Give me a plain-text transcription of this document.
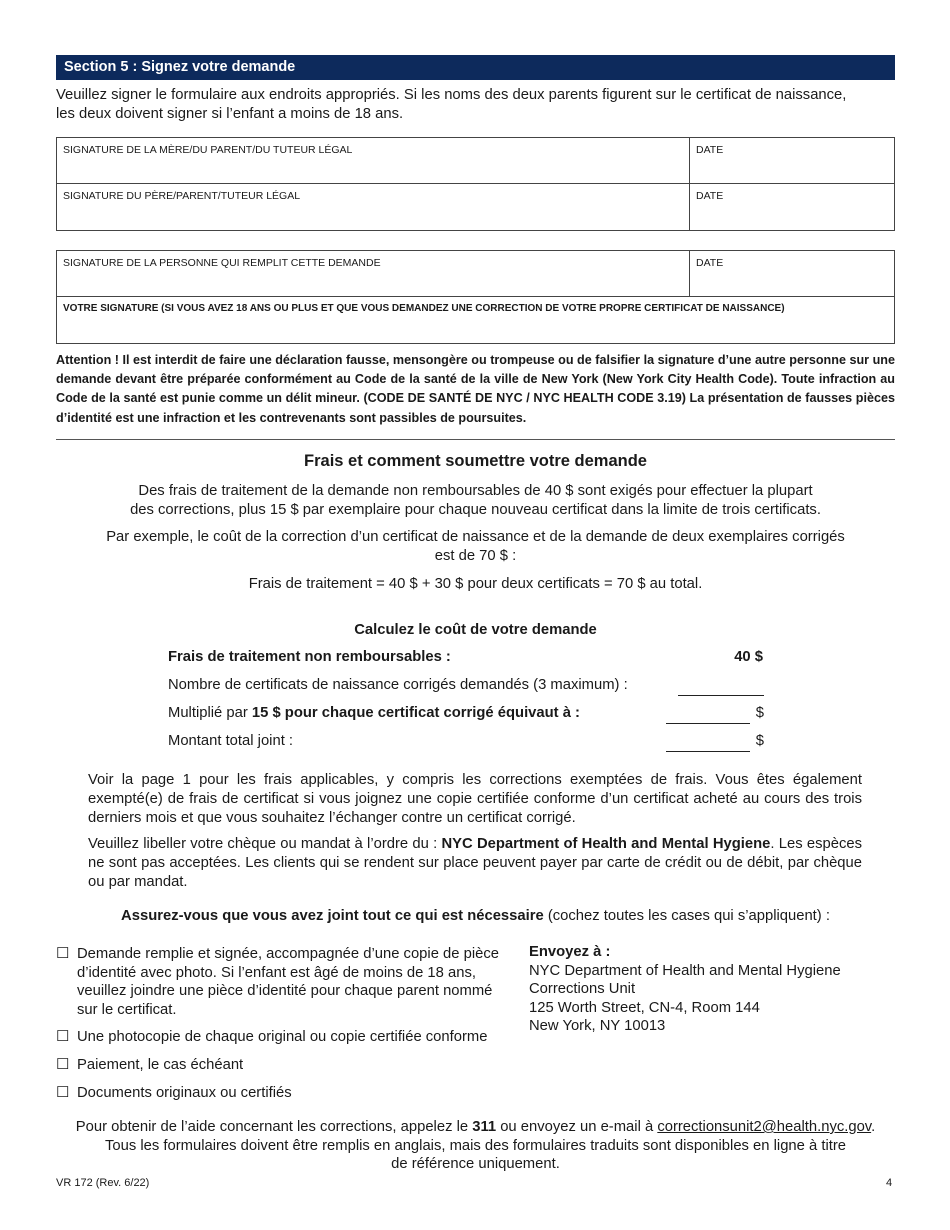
Section 5 : Signez votre demande
Veuillez signer le formulaire aux endroits appropriés. Si les noms des deux parents figurent sur le certificat de naissance,
les deux doivent signer si l’enfant a moins de 18 ans.
SIGNATURE DE LA MÈRE/DU PARENT/DU TUTEUR LÉGAL	DATE
SIGNATURE DU PÈRE/PARENT/TUTEUR LÉGAL	DATE
SIGNATURE DE LA PERSONNE QUI REMPLIT CETTE DEMANDE	DATE
VOTRE SIGNATURE (SI VOUS AVEZ 18 ANS OU PLUS ET QUE VOUS DEMANDEZ UNE CORRECTION DE VOTRE PROPRE CERTIFICAT DE NAISSANCE)
Attention ! Il est interdit de faire une déclaration fausse, mensongère ou trompeuse ou de falsifier la signature d’une autre personne sur une demande devant être préparée conformément au Code de la santé de la ville de New York (New York City Health Code). Toute infraction au Code de la santé est punie comme un délit mineur. (CODE DE SANTÉ DE NYC / NYC HEALTH CODE 3.19) La présentation de fausses pièces d’identité est une infraction et les contrevenants sont passibles de poursuites.
Frais et comment soumettre votre demande
Des frais de traitement de la demande non remboursables de 40 $ sont exigés pour effectuer la plupart
des corrections, plus 15 $ par exemplaire pour chaque nouveau certificat dans la limite de trois certificats.
Par exemple, le coût de la correction d’un certificat de naissance et de la demande de deux exemplaires corrigés
est de 70 $ :
Frais de traitement = 40 $ + 30 $ pour deux certificats = 70 $ au total.
Calculez le coût de votre demande
Frais de traitement non remboursables :	40 $
Nombre de certificats de naissance corrigés demandés (3 maximum) :
Multiplié par 15 $ pour chaque certificat corrigé équivaut à :	$
Montant total joint :	$
Voir la page 1 pour les frais applicables, y compris les corrections exemptées de frais. Vous êtes également exempté(e) de frais de certificat si vous joignez une copie certifiée conforme d’un certificat acheté au cours des trois derniers mois et que vous souhaitez l’échanger contre un certificat corrigé.
Veuillez libeller votre chèque ou mandat à l’ordre du : NYC Department of Health and Mental Hygiene. Les espèces ne sont pas acceptées. Les clients qui se rendent sur place peuvent payer par carte de crédit ou de débit, par chèque ou par mandat.
Assurez-vous que vous avez joint tout ce qui est nécessaire (cochez toutes les cases qui s’appliquent) :
☐ Demande remplie et signée, accompagnée d’une copie de pièce d’identité avec photo. Si l’enfant est âgé de moins de 18 ans, veuillez joindre une pièce d’identité pour chaque parent nommé sur le certificat.
☐ Une photocopie de chaque original ou copie certifiée conforme
☐ Paiement, le cas échéant
☐ Documents originaux ou certifiés
Envoyez à :
NYC Department of Health and Mental Hygiene
Corrections Unit
125 Worth Street, CN-4, Room 144
New York, NY 10013
Pour obtenir de l’aide concernant les corrections, appelez le 311 ou envoyez un e-mail à correctionsunit2@health.nyc.gov.
Tous les formulaires doivent être remplis en anglais, mais des formulaires traduits sont disponibles en ligne à titre
de référence uniquement.
VR 172 (Rev. 6/22)	4
